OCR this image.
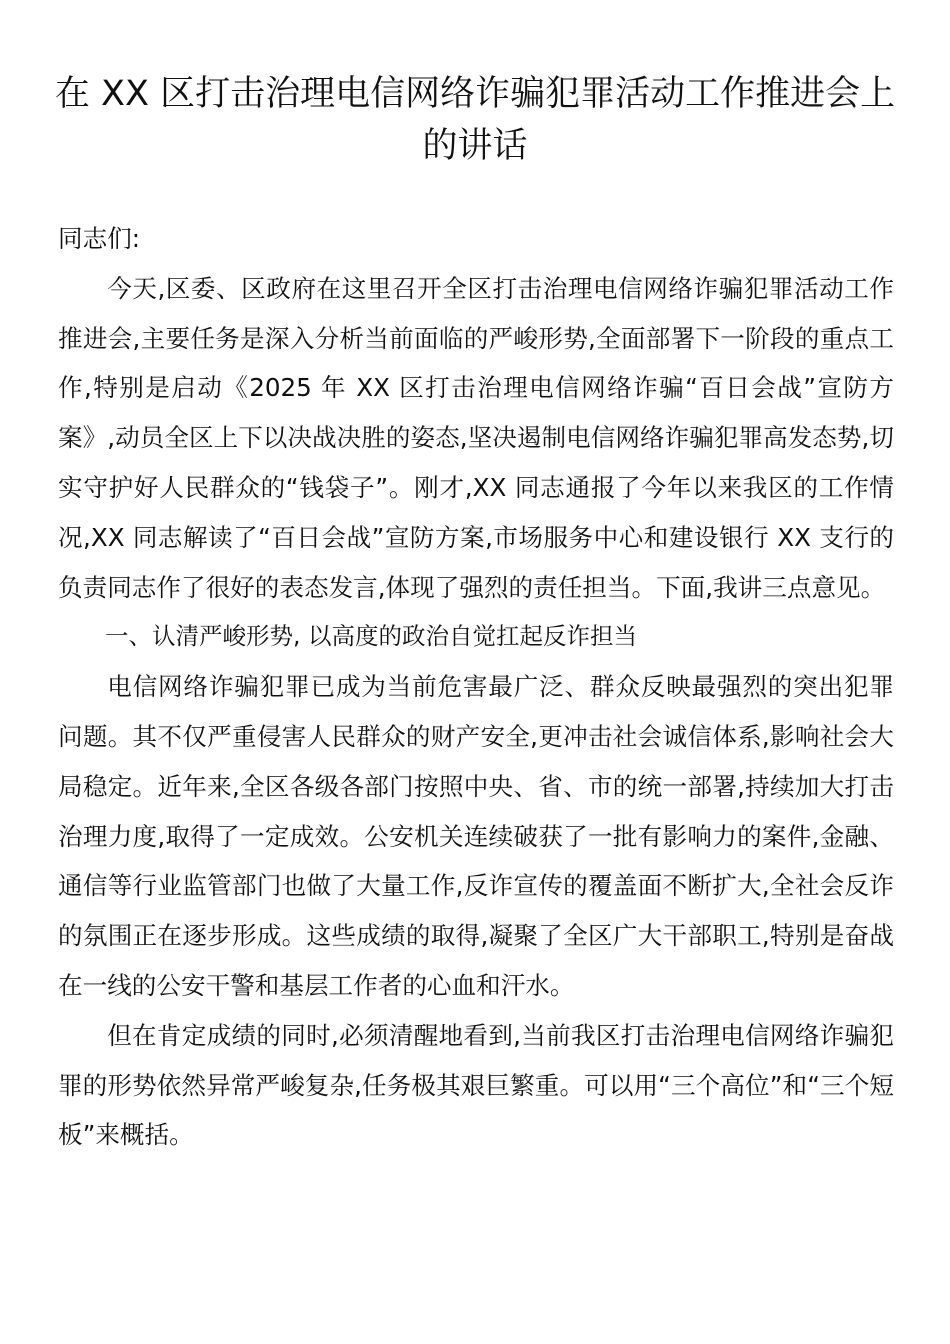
在 XX 区打击治理电信网络诈骗犯罪活动工作推进会上的讲话

同志们:

今天,区委、区政府在这里召开全区打击治理电信网络诈骗犯罪活动工作推进会,主要任务是深入分析当前面临的严峻形势,全面部署下一阶段的重点工作,特别是启动《2025 年 XX 区打击治理电信网络诈骗“百日会战”宣防方案》,动员全区上下以决战决胜的姿态,坚决遏制电信网络诈骗犯罪高发态势,切实守护好人民群众的“钱袋子”。刚才,XX 同志通报了今年以来我区的工作情况,XX 同志解读了“百日会战”宣防方案,市场服务中心和建设银行 XX 支行的负责同志作了很好的表态发言,体现了强烈的责任担当。下面,我讲三点意见。

一、认清严峻形势, 以高度的政治自觉扛起反诈担当

电信网络诈骗犯罪已成为当前危害最广泛、群众反映最强烈的突出犯罪问题。其不仅严重侵害人民群众的财产安全,更冲击社会诚信体系,影响社会大局稳定。近年来,全区各级各部门按照中央、省、市的统一部署,持续加大打击治理力度,取得了一定成效。公安机关连续破获了一批有影响力的案件,金融、通信等行业监管部门也做了大量工作,反诈宣传的覆盖面不断扩大,全社会反诈的氛围正在逐步形成。这些成绩的取得,凝聚了全区广大干部职工,特别是奋战在一线的公安干警和基层工作者的心血和汗水。

但在肯定成绩的同时,必须清醒地看到,当前我区打击治理电信网络诈骗犯罪的形势依然异常严峻复杂,任务极其艰巨繁重。可以用“三个高位”和“三个短板”来概括。
